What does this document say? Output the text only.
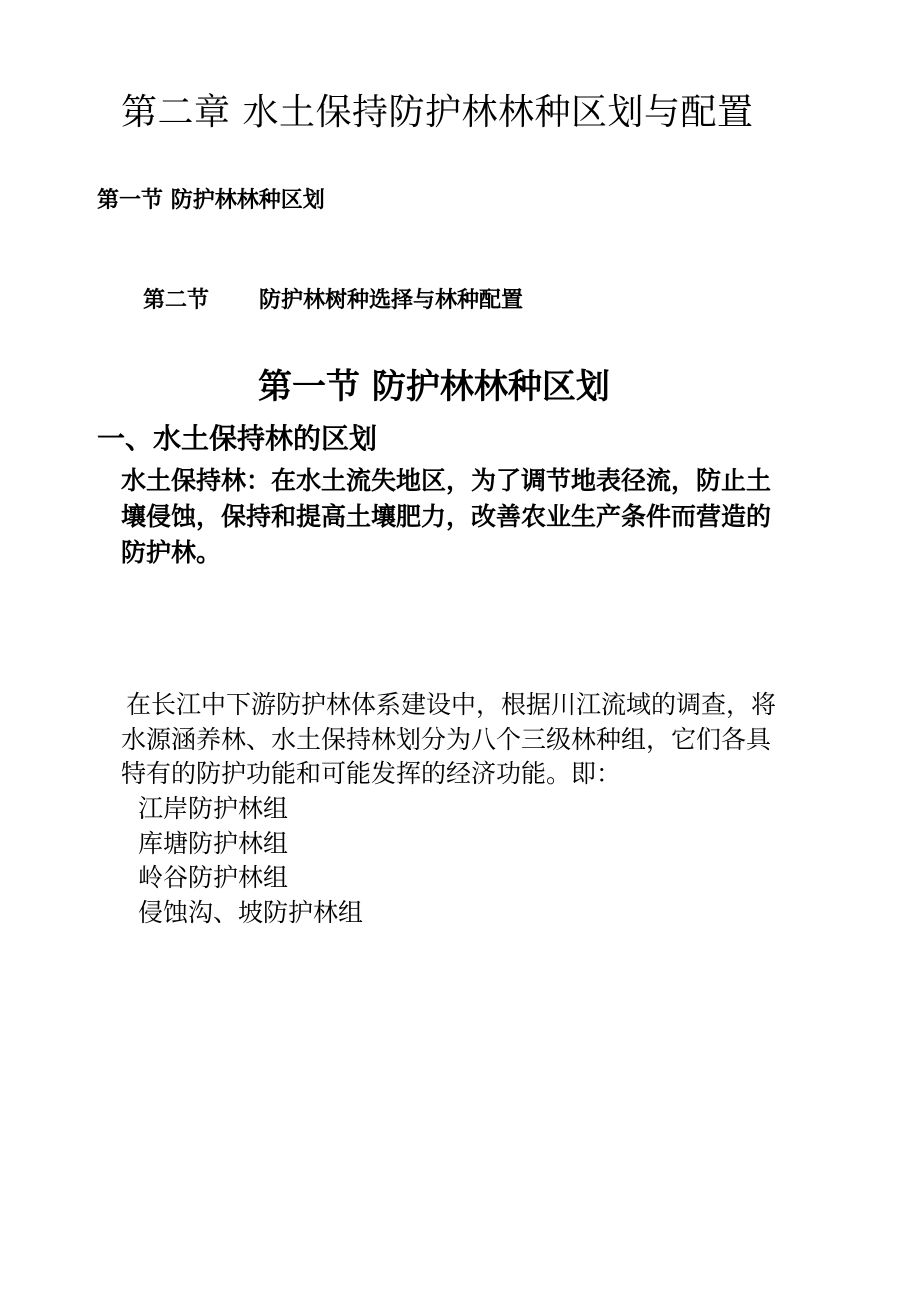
第二章 水土保持防护林林种区划与配置
第一节 防护林林种区划
第二节 防护林树种选择与林种配置
第一节 防护林林种区划
一、水土保持林的区划
水土保持林：在水土流失地区，为了调节地表径流，防止土
壤侵蚀，保持和提高土壤肥力，改善农业生产条件而营造的
防护林。
在长江中下游防护林体系建设中，根据川江流域的调查，将
水源涵养林、水土保持林划分为八个三级林种组，它们各具
特有的防护功能和可能发挥的经济功能。即：
江岸防护林组
库塘防护林组
岭谷防护林组
侵蚀沟、坡防护林组
